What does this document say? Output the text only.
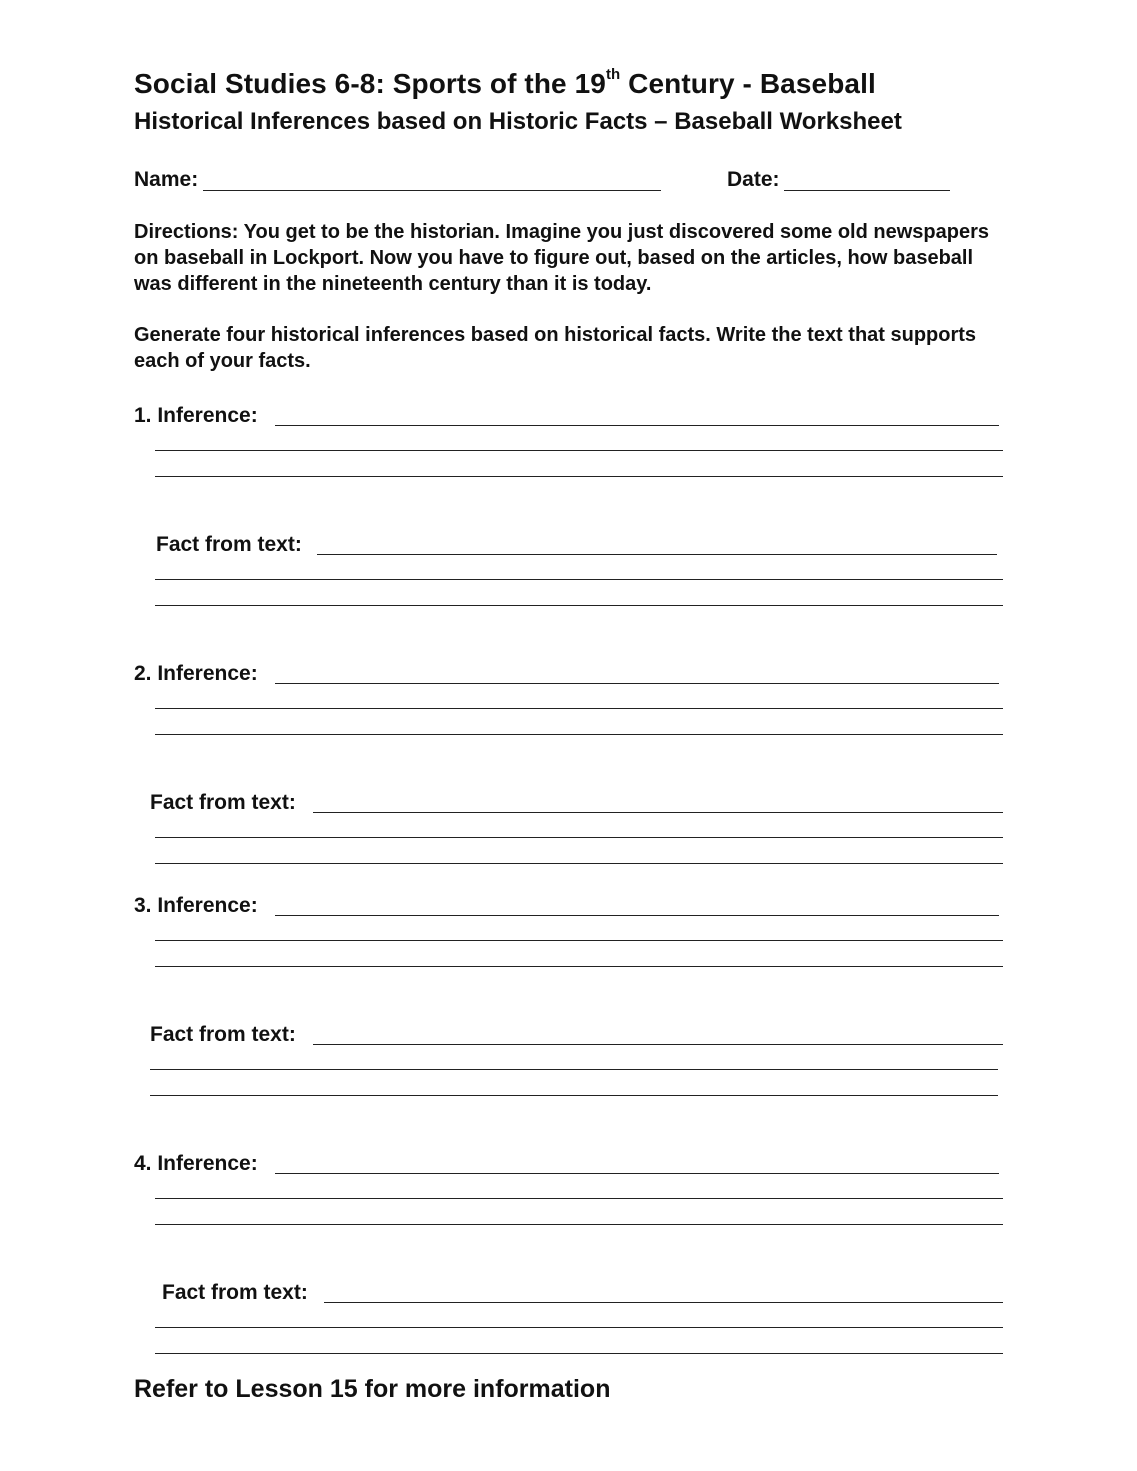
Social Studies 6-8: Sports of the 19th Century - Baseball
Historical Inferences based on Historic Facts – Baseball Worksheet
Name:	Date:
Directions: You get to be the historian. Imagine you just discovered some old newspapers on baseball in Lockport. Now you have to figure out, based on the articles, how baseball was different in the nineteenth century than it is today.
Generate four historical inferences based on historical facts. Write the text that supports each of your facts.
1. Inference:
Fact from text:
2. Inference:
Fact from text:
3. Inference:
Fact from text:
4. Inference:
Fact from text:
Refer to Lesson 15 for more information
